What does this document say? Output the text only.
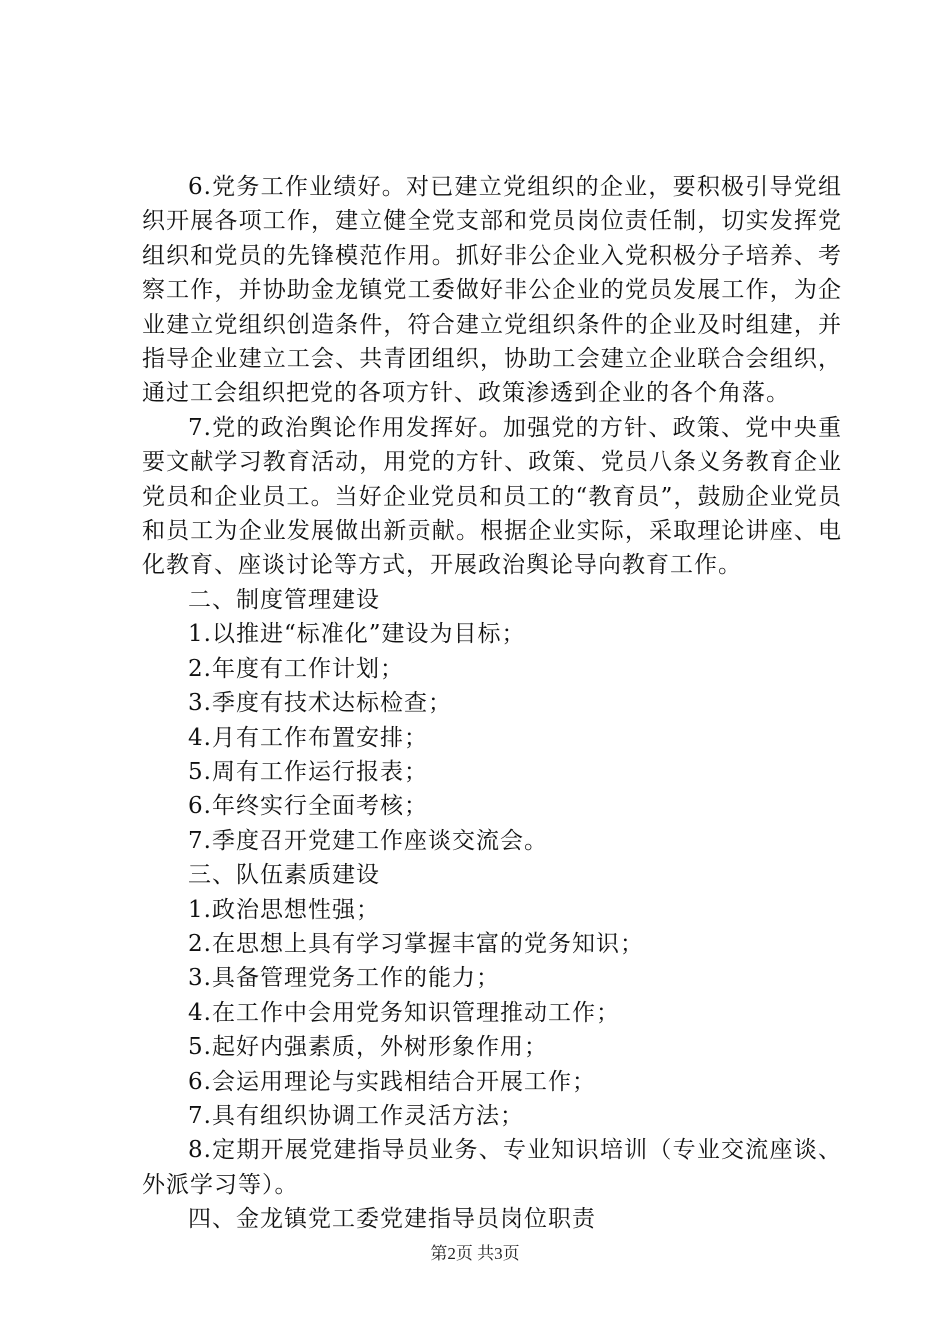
6.党务工作业绩好。对已建立党组织的企业，要积极引导党组织开展各项工作，建立健全党支部和党员岗位责任制，切实发挥党组织和党员的先锋模范作用。抓好非公企业入党积极分子培养、考察工作，并协助金龙镇党工委做好非公企业的党员发展工作，为企业建立党组织创造条件，符合建立党组织条件的企业及时组建，并指导企业建立工会、共青团组织，协助工会建立企业联合会组织，通过工会组织把党的各项方针、政策渗透到企业的各个角落。

7.党的政治舆论作用发挥好。加强党的方针、政策、党中央重要文献学习教育活动，用党的方针、政策、党员八条义务教育企业党员和企业员工。当好企业党员和员工的“教育员”，鼓励企业党员和员工为企业发展做出新贡献。根据企业实际，采取理论讲座、电化教育、座谈讨论等方式，开展政治舆论导向教育工作。

二、制度管理建设

1.以推进“标准化”建设为目标；

2.年度有工作计划；

3.季度有技术达标检查；

4.月有工作布置安排；

5.周有工作运行报表；

6.年终实行全面考核；

7.季度召开党建工作座谈交流会。

三、队伍素质建设

1.政治思想性强；

2.在思想上具有学习掌握丰富的党务知识；

3.具备管理党务工作的能力；

4.在工作中会用党务知识管理推动工作；

5.起好内强素质，外树形象作用；

6.会运用理论与实践相结合开展工作；

7.具有组织协调工作灵活方法；

8.定期开展党建指导员业务、专业知识培训（专业交流座谈、外派学习等）。

四、金龙镇党工委党建指导员岗位职责

第2页 共3页
